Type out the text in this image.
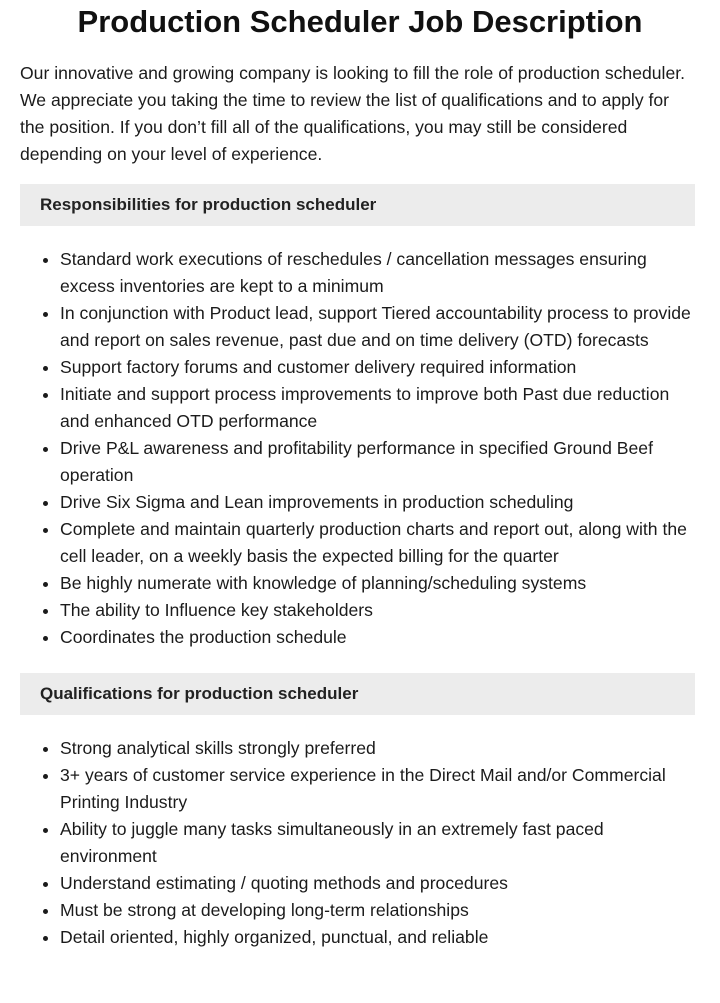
Production Scheduler Job Description

Our innovative and growing company is looking to fill the role of production scheduler. We appreciate you taking the time to review the list of qualifications and to apply for the position. If you don’t fill all of the qualifications, you may still be considered depending on your level of experience.

Responsibilities for production scheduler
• Standard work executions of reschedules / cancellation messages ensuring excess inventories are kept to a minimum
• In conjunction with Product lead, support Tiered accountability process to provide and report on sales revenue, past due and on time delivery (OTD) forecasts
• Support factory forums and customer delivery required information
• Initiate and support process improvements to improve both Past due reduction and enhanced OTD performance
• Drive P&L awareness and profitability performance in specified Ground Beef operation
• Drive Six Sigma and Lean improvements in production scheduling
• Complete and maintain quarterly production charts and report out, along with the cell leader, on a weekly basis the expected billing for the quarter
• Be highly numerate with knowledge of planning/scheduling systems
• The ability to Influence key stakeholders
• Coordinates the production schedule
Qualifications for production scheduler
• Strong analytical skills strongly preferred
• 3+ years of customer service experience in the Direct Mail and/or Commercial Printing Industry
• Ability to juggle many tasks simultaneously in an extremely fast paced environment
• Understand estimating / quoting methods and procedures
• Must be strong at developing long-term relationships
• Detail oriented, highly organized, punctual, and reliable
